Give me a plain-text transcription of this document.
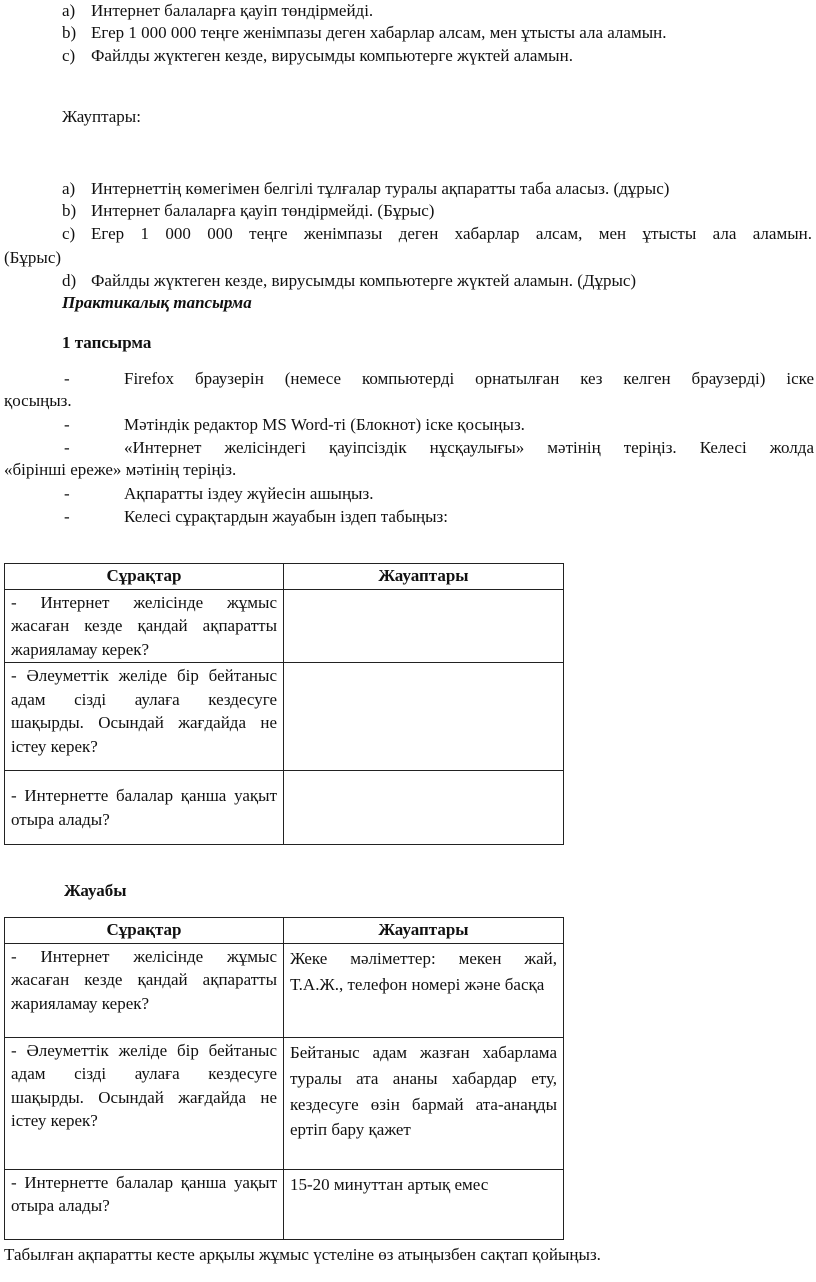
a) Интернет балаларға қауіп төндірмейді.
b) Егер 1 000 000 теңге женімпазы деген хабарлар алсам, мен ұтысты ала аламын.
c) Файлды жүктеген кезде, вирусымды компьютерге жүктей аламын.
Жауптары:
a) Интернеттің көмегімен белгілі тұлғалар туралы ақпаратты таба аласыз. (дұрыс)
b) Интернет балаларға қауіп төндірмейді. (Бұрыс)
c) Егер 1 000 000 теңге женімпазы деген хабарлар алсам, мен ұтысты ала аламын.
(Бұрыс)
d) Файлды жүктеген кезде, вирусымды компьютерге жүктей аламын. (Дұрыс)
Практикалық тапсырма
1 тапсырма
-	Firefox браузерін (немесе компьютерді орнатылған кез келген браузерді) іске
қосыңыз.
-	Мәтіндік редактор MS Word-ті (Блокнот) іске қосыңыз.
-	«Интернет желісіндегі қауіпсіздік нұсқаулығы» мәтінің теріңіз. Келесі жолда
«бірінші ереже» мәтінің теріңіз.
-	Ақпаратты іздеу жүйесін ашыңыз.
-	Келесі сұрақтардын жауабын іздеп табыңыз:
Сұрақтар	Жауаптары
- Интернет желісінде жұмыс жасаған кезде қандай ақпаратты жарияламау керек?	
- Әлеуметтік желіде бір бейтаныс адам сізді аулаға кездесуге шақырды. Осындай жағдайда не істеу керек?	
- Интернетте балалар қанша уақыт отыра алады?	
Жауабы
Сұрақтар	Жауаптары
- Интернет желісінде жұмыс жасаған кезде қандай ақпаратты жарияламау керек?	Жеке мәліметтер: мекен жай, Т.А.Ж., телефон номері және басқа
- Әлеуметтік желіде бір бейтаныс адам сізді аулаға кездесуге шақырды. Осындай жағдайда не істеу керек?	Бейтаныс адам жазған хабарлама туралы ата ананы хабардар ету, кездесуге өзін бармай ата-анаңды ертіп бару қажет
- Интернетте балалар қанша уақыт отыра алады?	15-20 минуттан артық емес
Табылған ақпаратты кесте арқылы жұмыс үстеліне өз атыңызбен сақтап қойыңыз.
